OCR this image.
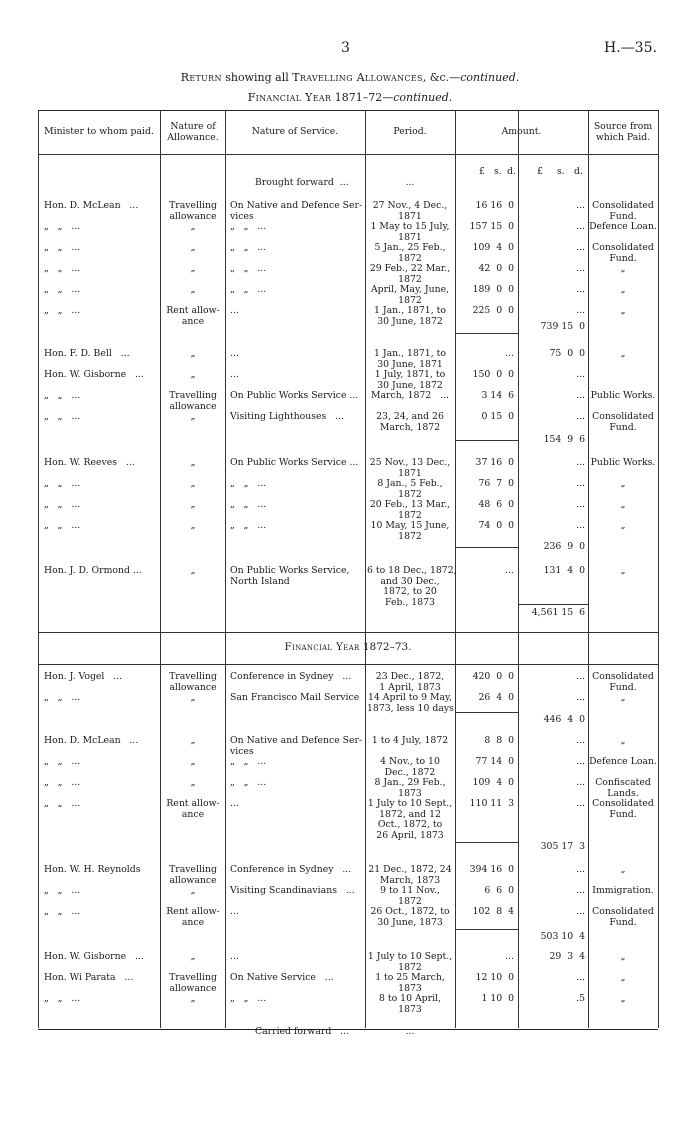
3	H.—35.
Return showing all Travelling Allowances, &c.—continued.
Financial Year 1871–72—continued.
Minister to whom paid.	Nature of Allowance.
Nature of Service.	Period.	Amount.	Source from which Paid.
£ s. d. £ s. d.
Financial Year 1872–73.
Brought forward  ...	...
Hon. D. McLean   ...	Travelling
allowance
On Native and Defence Ser-
vices
27 Nov., 4 Dec.,
1871
16 16  0	... Consolidated
Fund.
„   „   ...	„	„   „   ...	1 May to 15 July,
1871
157 15  0	... Defence Loan.
„   „   ...	„	„   „   ...	5 Jan., 25 Feb.,
1872
109  4  0	... Consolidated
Fund.
„   „   ...	„	„   „   ...	29 Feb., 22 Mar.,
1872
42  0  0	...	„
„   „   ...	„	„   „   ...	April, May, June,
1872
189  0  0	...	„
„   „   ...	Rent allow-
ance
...	1 Jan., 1871, to
30 June, 1872
225  0  0	...	„
739 15  0
Hon. F. D. Bell   ...	„	...	1 Jan., 1871, to
30 June, 1871
...	75  0  0	„
Hon. W. Gisborne   ...	„	...	1 July, 1871, to
30 June, 1872
150  0  0	...
„   „   ...	Travelling
allowance
On Public Works Service ...	March, 1872   ...	3 14  6	... Public Works.
„   „   ...	„	Visiting Lighthouses   ...	23, 24, and 26
March, 1872
0 15  0	... Consolidated
Fund.
154  9  6
Hon. W. Reeves   ...	„	On Public Works Service ...	25 Nov., 13 Dec.,
1871
37 16  0	... Public Works.
„   „   ...	„	„   „   ...	8 Jan., 5 Feb.,
1872
76  7  0	...	„
„   „   ...	„	„   „   ...	20 Feb., 13 Mar.,
1872
48  6  0	...	„
„   „   ...	„	„   „   ...	10 May, 15 June,
1872
74  0  0	...	„
236  9  0
Hon. J. D. Ormond ...	„	On Public Works Service,
North Island
6 to 18 Dec., 1872,
and 30 Dec.,
1872, to 20
Feb., 1873
...	131  4  0	„
4,561 15  6
Hon. J. Vogel   ...	Travelling
allowance
Conference in Sydney   ...	23 Dec., 1872,
1 April, 1873
420  0  0	... Consolidated
Fund.
„   „   ...	„	San Francisco Mail Service 14 April to 9 May,
1873, less 10 days
26  4  0	...	„
446  4  0
Hon. D. McLean   ...	„	On Native and Defence Ser-
vices
1 to 4 July, 1872	8  8  0	...	„
„   „   ...	„	„   „   ...	4 Nov., to 10
Dec., 1872
77 14  0	... Defence Loan.
„   „   ...	„	„   „   ...	8 Jan., 29 Feb.,
1873
109  4  0	...	Confiscated
Lands.
„   „   ...	Rent allow-
ance
...	1 July to 10 Sept.,
1872, and 12
Oct., 1872, to
26 April, 1873
110 11  3	... Consolidated
Fund.
305 17  3
Hon. W. H. Reynolds	Travelling
allowance
Conference in Sydney   ...	21 Dec., 1872, 24
March, 1873
394 16  0	...	„
„   „   ...	„	Visiting Scandinavians   ...	9 to 11 Nov.,
1872
6  6  0	... Immigration.
„   „   ...	Rent allow-
ance
...	26 Oct., 1872, to
30 June, 1873
102  8  4	... Consolidated
Fund.
503 10  4
Hon. W. Gisborne   ...	„	...	1 July to 10 Sept.,
1872
...	29  3  4	„
Hon. Wi Parata   ...	Travelling
allowance
On Native Service   ...	1 to 25 March,
1873
12 10  0	...	„
„   „   ...	„	„   „   ...	8 to 10 April,
1873
1 10  0	.5	„
Carried forward   ...	...
